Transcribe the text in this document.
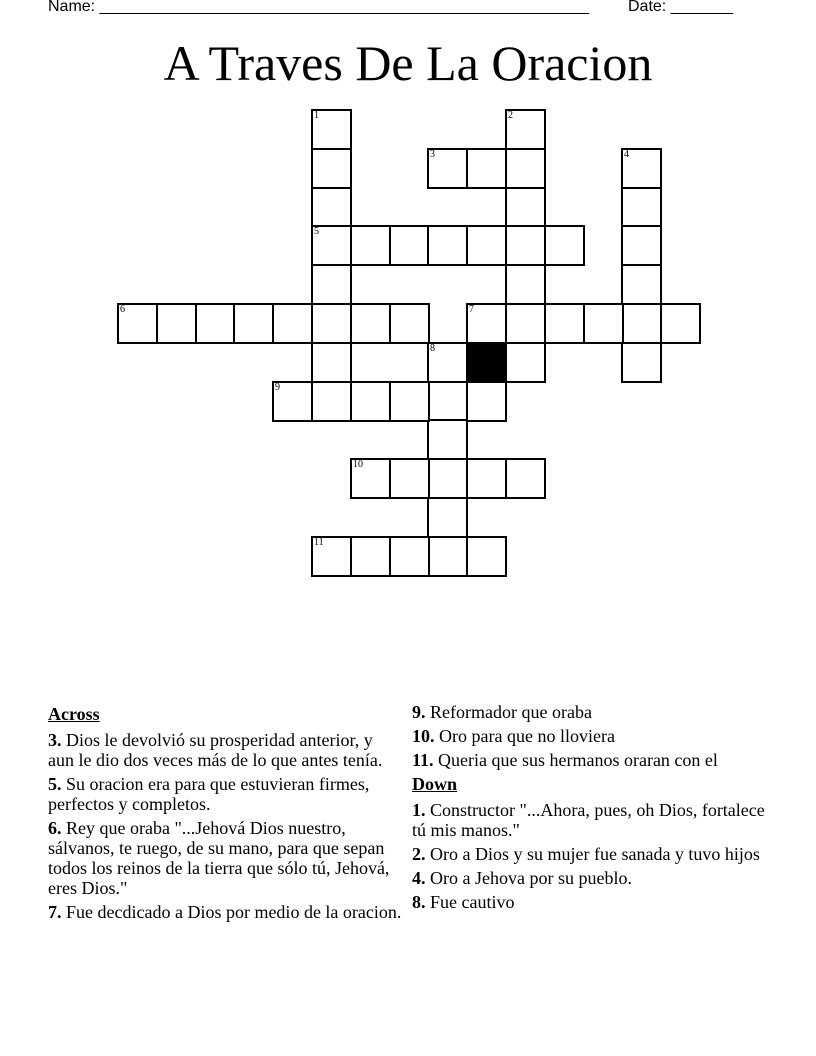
Name: _______________________________________________________ Date: _______
A Traves De La Oracion
1
5
2
3	4
6	7
8
9
10
11
Across
3. Dios le devolvió su prosperidad anterior, y aun le dio dos veces más de lo que antes tenía.
5. Su oracion era para que estuvieran firmes, perfectos y completos.
6. Rey que oraba "...Jehová Dios nuestro, sálvanos, te ruego, de su mano, para que sepan todos los reinos de la tierra que sólo tú, Jehová, eres Dios."
7. Fue decdicado a Dios por medio de la oracion.
9. Reformador que oraba
10. Oro para que no lloviera
11. Queria que sus hermanos oraran con el
Down
1. Constructor "...Ahora, pues, oh Dios, fortalece tú mis manos."
2. Oro a Dios y su mujer fue sanada y tuvo hijos
4. Oro a Jehova por su pueblo.
8. Fue cautivo
